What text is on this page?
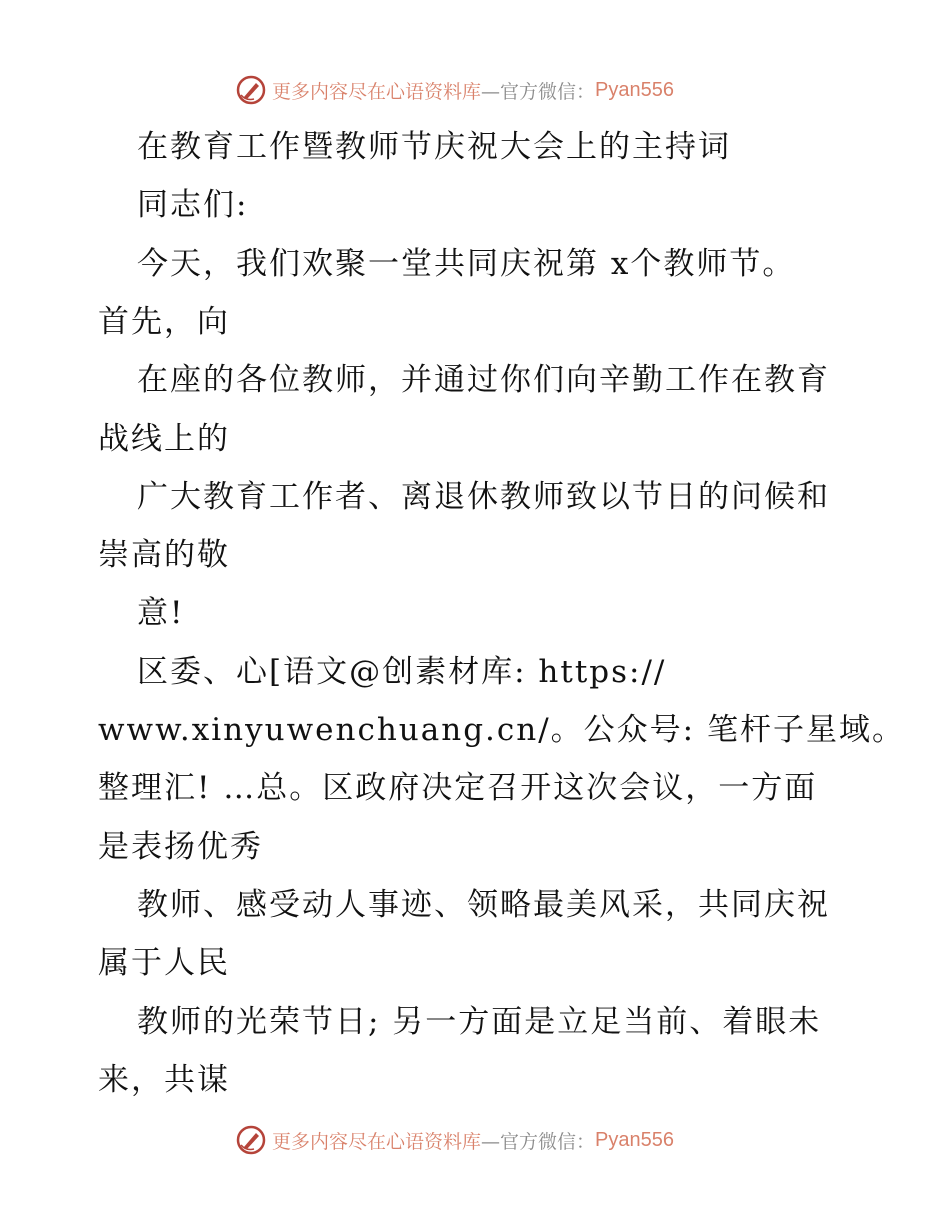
更多内容尽在心语资料库 —官方微信： Pyan556
在教育工作暨教师节庆祝大会上的主持词
同志们:
今天，我们欢聚一堂共同庆祝第 x个教师节。
首先，向
在座的各位教师，并通过你们向辛勤工作在教育
战线上的
广大教育工作者、离退休教师致以节日的问候和
崇高的敬
意!
区委、心[语文@创素材库: https://
www.xinyuwenchuang.cn/。公众号: 笔杆子星域。
整理汇! …总。区政府决定召开这次会议，一方面
是表扬优秀
教师、感受动人事迹、领略最美风采，共同庆祝
属于人民
教师的光荣节日; 另一方面是立足当前、着眼未
来，共谋
更多内容尽在心语资料库 —官方微信： Pyan556
